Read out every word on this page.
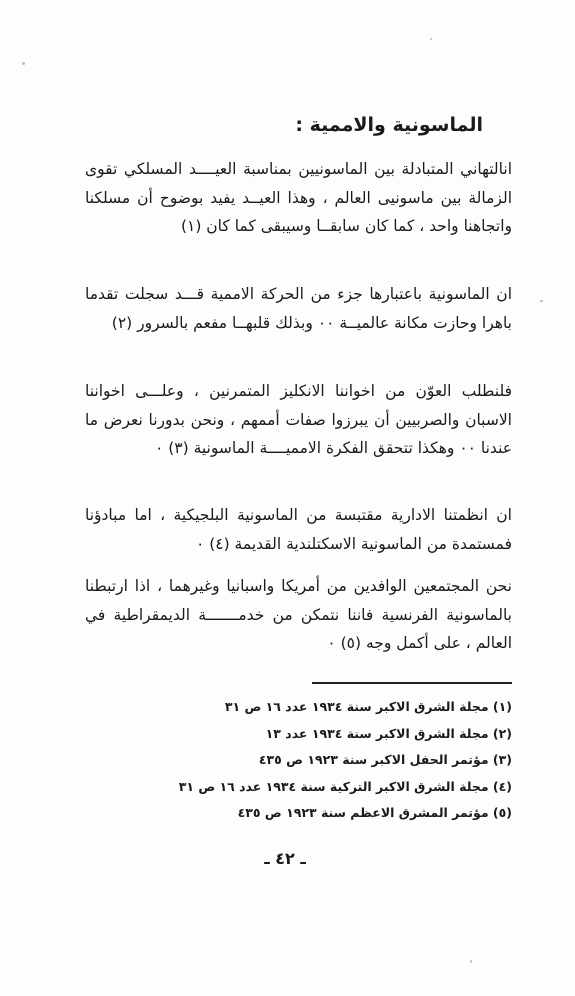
الماسونية والاممية :
انالتهاني المتبادلة بين الماسونيين بمناسبة العيــــد المسلكي تقوى الزمالة بين ماسونيى العالم ، وهذا العيــد يفيد بوضوح أن مسلكنا واتجاهنا واحد ، كما كان سابقــا وسيبقى كما كان (١)
ان الماسونية باعتبارها جزء من الحركة الاممية قـــد سجلت تقدما باهرا وحازت مكانة عالميــة ٠٠ وبذلك قلبهــا مفعم بالسرور (٢)
فلنطلب العوّن من اخواننا الانكليز المتمرنين ، وعلـــى اخواننا الاسبان والصربيين أن يبرزوا صفات أممهم ، ونحن بدورنا نعرض ما عندنا ٠٠ وهكذا تتحقق الفكرة الامميــــة الماسونية (٣) ٠
ان انظمتنا الادارية مقتبسة من الماسونية البلجيكية ، اما مبادؤنا فمستمدة من الماسونية الاسكتلندية القديمة (٤) ٠
نحن المجتمعين الوافدين من أمريكا واسبانيا وغيرهما ، اذا ارتبطنا بالماسونية الفرنسية فاننا نتمكن من خدمـــــــة الديمقراطية في العالم ، على أكمل وجه (٥) ٠
(١) مجلة الشرق الاكبر سنة ١٩٣٤ عدد ١٦ ص ٣١
(٢) مجلة الشرق الاكبر سنة ١٩٣٤ عدد ١٣
(٣) مؤتمر الحفل الاكبر سنة ١٩٢٣ ص ٤٣٥
(٤) مجلة الشرق الاكبر التركية سنة ١٩٣٤ عدد ١٦ ص ٣١
(٥) مؤتمر المشرق الاعظم سنة ١٩٢٣ ص ٤٣٥
ـ ٤٢ ـ
